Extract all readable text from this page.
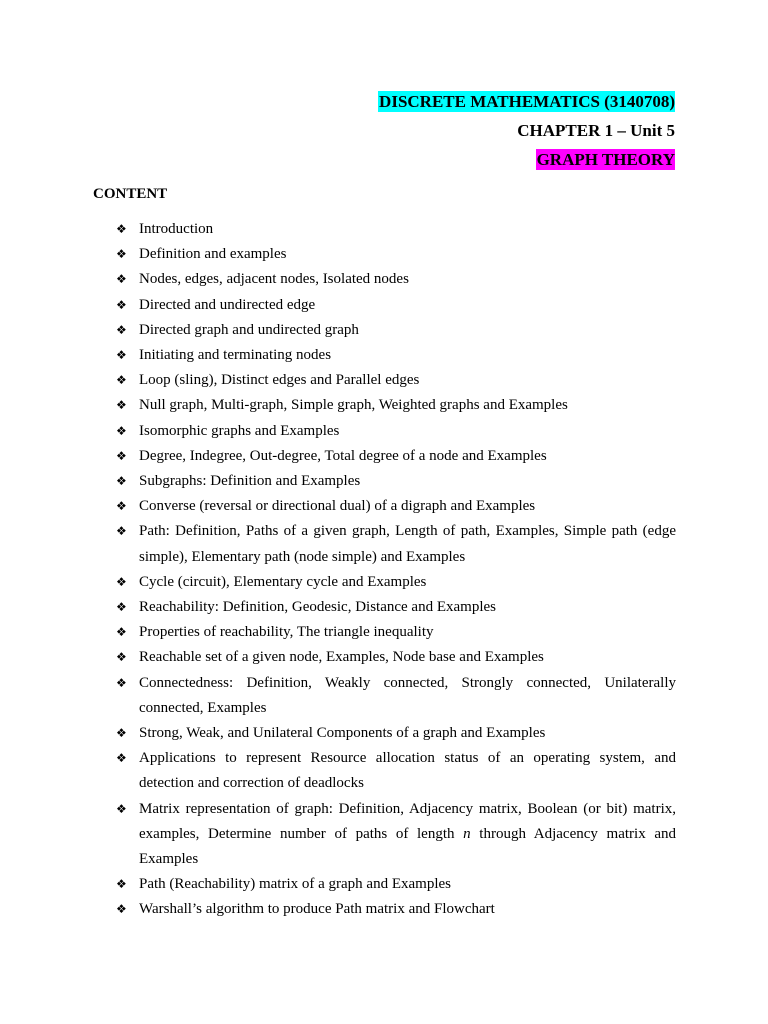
DISCRETE MATHEMATICS (3140708)
CHAPTER 1 – Unit 5
GRAPH THEORY
CONTENT
❖ Introduction
❖ Definition and examples
❖ Nodes, edges, adjacent nodes, Isolated nodes
❖ Directed and undirected edge
❖ Directed graph and undirected graph
❖ Initiating and terminating nodes
❖ Loop (sling), Distinct edges and Parallel edges
❖ Null graph, Multi-graph, Simple graph, Weighted graphs and Examples
❖ Isomorphic graphs and Examples
❖ Degree, Indegree, Out-degree, Total degree of a node and Examples
❖ Subgraphs: Definition and Examples
❖ Converse (reversal or directional dual) of a digraph and Examples
❖ Path: Definition, Paths of a given graph, Length of path, Examples, Simple path (edge simple), Elementary path (node simple) and Examples
❖ Cycle (circuit), Elementary cycle and Examples
❖ Reachability: Definition, Geodesic, Distance and Examples
❖ Properties of reachability, The triangle inequality
❖ Reachable set of a given node, Examples, Node base and Examples
❖ Connectedness: Definition, Weakly connected, Strongly connected, Unilaterally connected, Examples
❖ Strong, Weak, and Unilateral Components of a graph and Examples
❖ Applications to represent Resource allocation status of an operating system, and detection and correction of deadlocks
❖ Matrix representation of graph: Definition, Adjacency matrix, Boolean (or bit) matrix, examples, Determine number of paths of length n through Adjacency matrix and Examples
❖ Path (Reachability) matrix of a graph and Examples
❖ Warshall’s algorithm to produce Path matrix and Flowchart
